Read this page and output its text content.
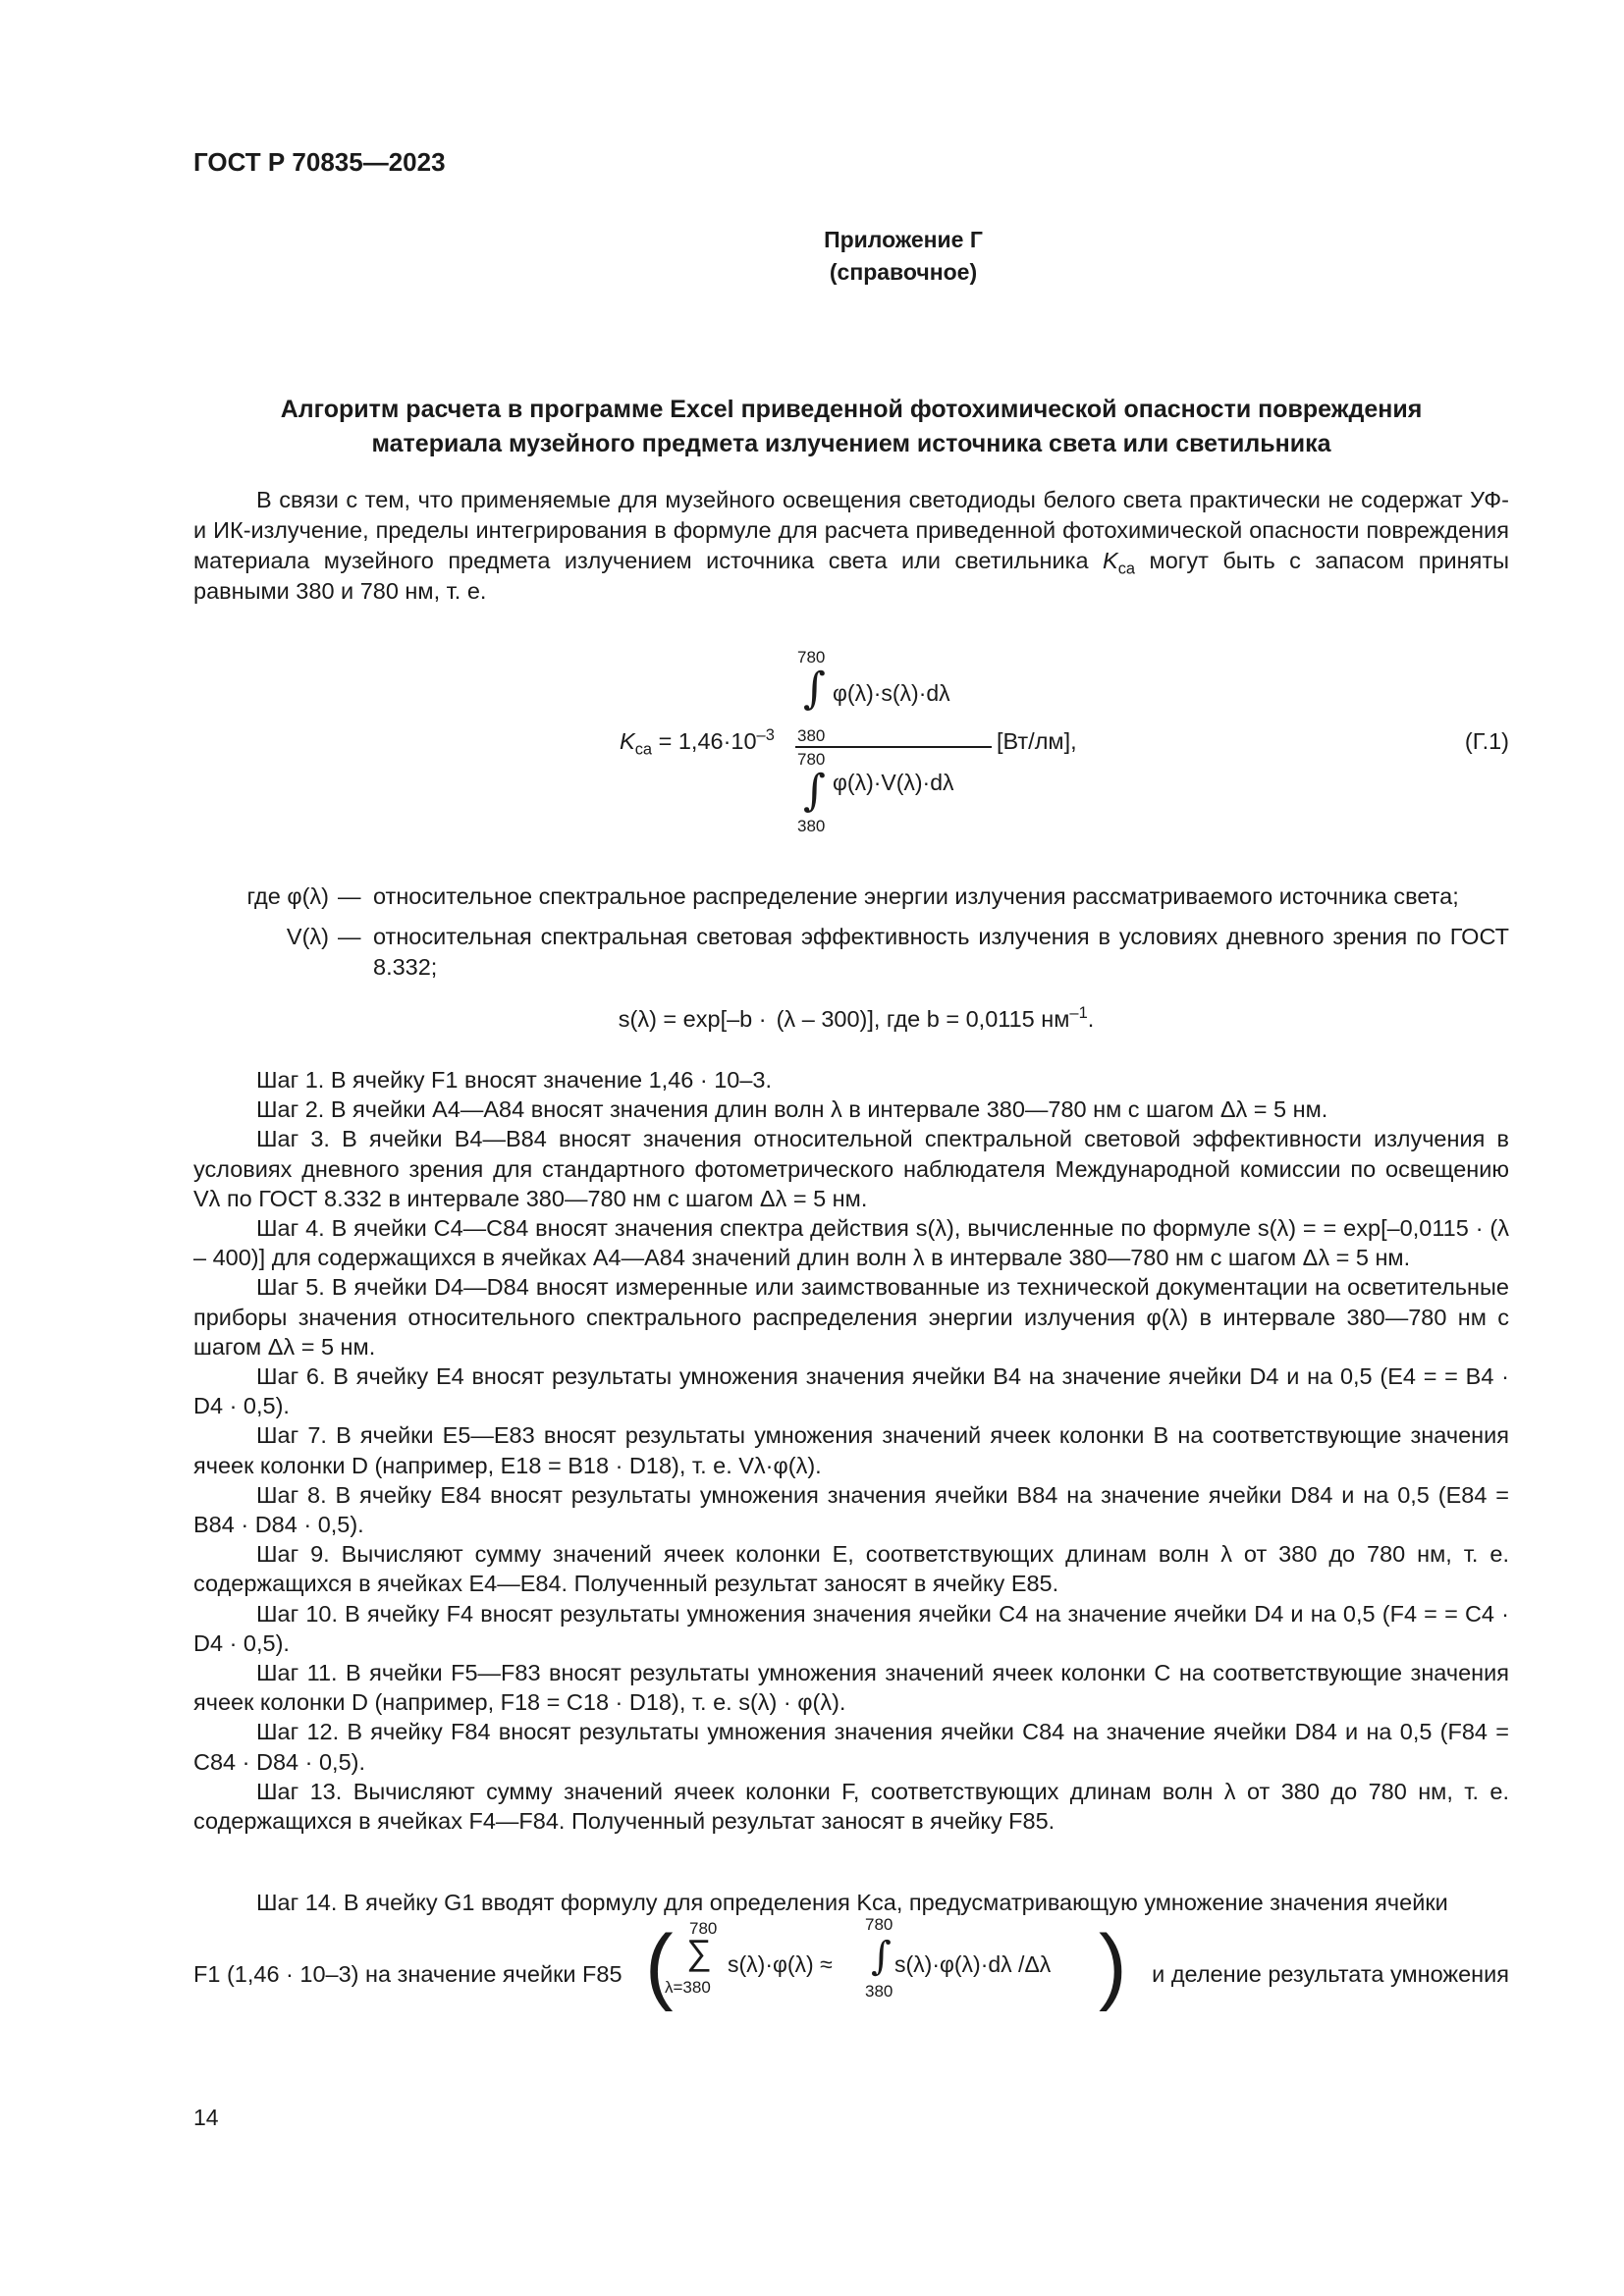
ГОСТ Р 70835—2023
Приложение Г
(справочное)
Алгоритм расчета в программе Excel приведенной фотохимической опасности повреждения
материала музейного предмета излучением источника света или светильника

В связи с тем, что применяемые для музейного освещения светодиоды белого света практически не содержат УФ- и ИК-излучение, пределы интегрирования в формуле для расчета приведенной фотохимической опасности повреждения материала музейного предмета излучением источника света или светильника $K_{ca}$ могут быть с запасом приняты равными 380 и 780 нм, т. е.

$K_{ca} = 1,46\cdot 10^{-3}$
780
∫ φ(λ)·s(λ)·dλ
380
780
∫ φ(λ)·V(λ)·dλ
380
[Вт/лм],	(Г.1)
где φ(λ) — относительное спектральное распределение энергии излучения рассматриваемого источника света;
V(λ) — относительная спектральная световая эффективность излучения в условиях дневного зрения по ГОСТ 8.332;
s(λ) = exp[–b · (λ – 300)], где b = 0,0115 $нм^{-1}$.

Шаг 1. В ячейку F1 вносят значение 1,46 · 10–3.

Шаг 2. В ячейки А4—А84 вносят значения длин волн λ в интервале 380—780 нм с шагом Δλ = 5 нм.

Шаг 3. В ячейки В4—В84 вносят значения относительной спектральной световой эффективности излучения в условиях дневного зрения для стандартного фотометрического наблюдателя Международной комиссии по освещению Vλ по ГОСТ 8.332 в интервале 380—780 нм с шагом Δλ = 5 нм.

Шаг 4. В ячейки С4—С84 вносят значения спектра действия s(λ), вычисленные по формуле s(λ) = = exp[–0,0115 · (λ – 400)] для содержащихся в ячейках А4—А84 значений длин волн λ в интервале 380—780 нм с шагом Δλ = 5 нм.

Шаг 5. В ячейки D4—D84 вносят измеренные или заимствованные из технической документации на осветительные приборы значения относительного спектрального распределения энергии излучения φ(λ) в интервале 380—780 нм с шагом Δλ = 5 нм.

Шаг 6. В ячейку Е4 вносят результаты умножения значения ячейки В4 на значение ячейки D4 и на 0,5 (Е4 = = В4 · D4 · 0,5).

Шаг 7. В ячейки Е5—Е83 вносят результаты умножения значений ячеек колонки В на соответствующие значения ячеек колонки D (например, Е18 = В18 · D18), т. е. Vλ·φ(λ).

Шаг 8. В ячейку Е84 вносят результаты умножения значения ячейки В84 на значение ячейки D84 и на 0,5 (Е84 = В84 · D84 · 0,5).

Шаг 9. Вычисляют сумму значений ячеек колонки Е, соответствующих длинам волн λ от 380 до 780 нм, т. е. содержащихся в ячейках Е4—Е84. Полученный результат заносят в ячейку Е85.

Шаг 10. В ячейку F4 вносят результаты умножения значения ячейки С4 на значение ячейки D4 и на 0,5 (F4 = = С4 · D4 · 0,5).

Шаг 11. В ячейки F5—F83 вносят результаты умножения значений ячеек колонки С на соответствующие значения ячеек колонки D (например, F18 = С18 · D18), т. е. s(λ) · φ(λ).

Шаг 12. В ячейку F84 вносят результаты умножения значения ячейки С84 на значение ячейки D84 и на 0,5 (F84 = С84 · D84 · 0,5).

Шаг 13. Вычисляют сумму значений ячеек колонки F, соответствующих длинам волн λ от 380 до 780 нм, т. е. содержащихся в ячейках F4—F84. Полученный результат заносят в ячейку F85.

Шаг 14. В ячейку G1 вводят формулу для определения Kca, предусматривающую умножение значения ячейки
F1 (1,46 · 10–3) на значение ячейки F85 ( 780
∑
λ=380
s(λ)·φ(λ) ≈
780
∫
380
s(λ)·φ(λ)·dλ /Δλ ) и деление результата умножения
14
